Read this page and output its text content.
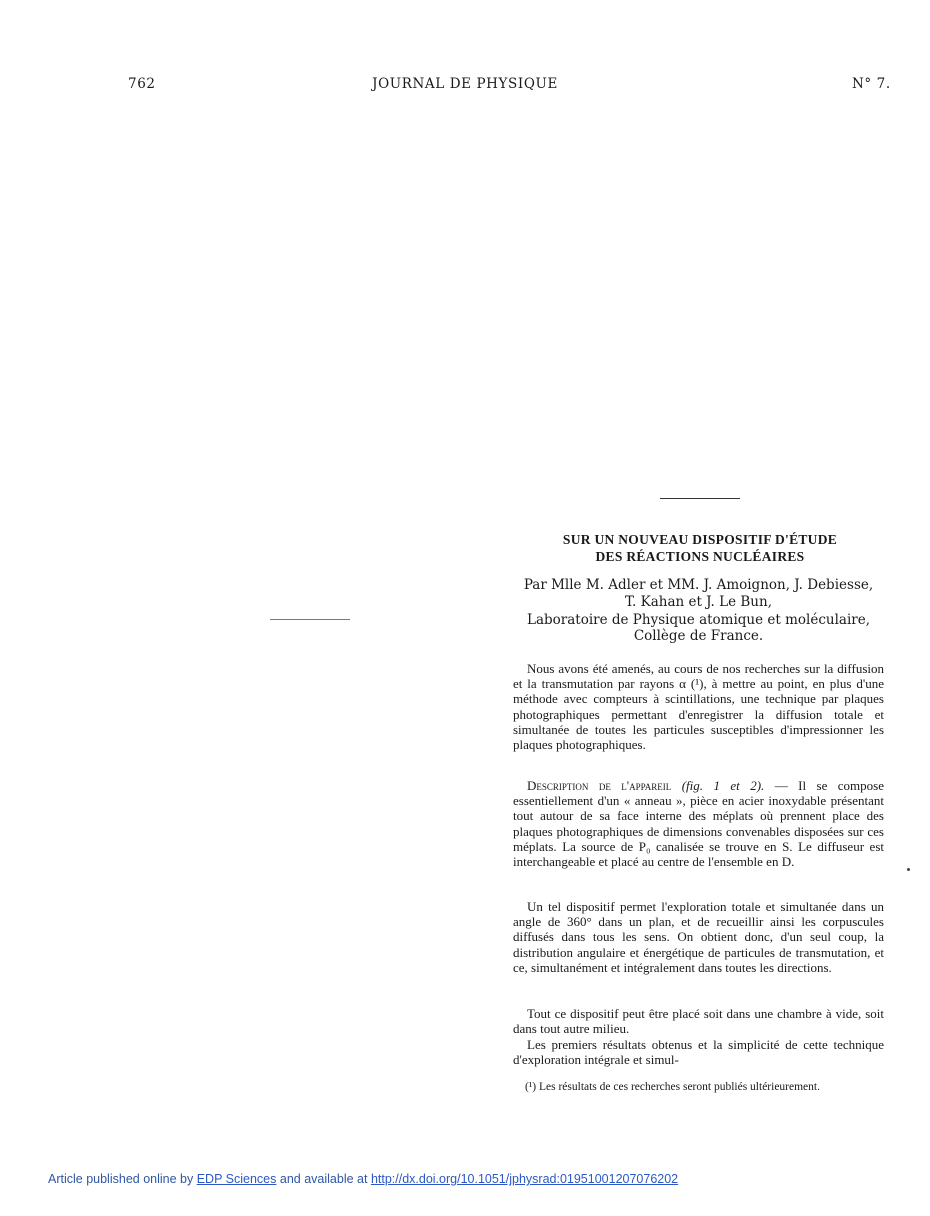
762	JOURNAL DE PHYSIQUE	N° 7.
SUR UN NOUVEAU DISPOSITIF D'ÉTUDE
DES RÉACTIONS NUCLÉAIRES
Par Mlle M. Adler et MM. J. Amoignon, J. Debiesse,
T. Kahan et J. Le Bun,
Laboratoire de Physique atomique et moléculaire,
Collège de France.
Nous avons été amenés, au cours de nos recherches sur la diffusion et la transmutation par rayons α (¹), à mettre au point, en plus d'une méthode avec compteurs à scintillations, une technique par plaques photographiques permettant d'enregistrer la diffusion totale et simultanée de toutes les particules susceptibles d'impressionner les plaques photographiques.
Description de l'appareil (fig. 1 et 2). — Il se compose essentiellement d'un « anneau », pièce en acier inoxydable présentant tout autour de sa face interne des méplats où prennent place des plaques photographiques de dimensions convenables disposées sur ces méplats. La source de P₀ canalisée se trouve en S. Le diffuseur est interchangeable et placé au centre de l'ensemble en D.
Un tel dispositif permet l'exploration totale et simultanée dans un angle de 360° dans un plan, et de recueillir ainsi les corpuscules diffusés dans tous les sens. On obtient donc, d'un seul coup, la distribution angulaire et énergétique de particules de transmutation, et ce, simultanément et intégralement dans toutes les directions.
Tout ce dispositif peut être placé soit dans une chambre à vide, soit dans tout autre milieu.
Les premiers résultats obtenus et la simplicité de cette technique d'exploration intégrale et simul-
(¹) Les résultats de ces recherches seront publiés ultérieurement.
Article published online by EDP Sciences and available at http://dx.doi.org/10.1051/jphysrad:01951001207076202
